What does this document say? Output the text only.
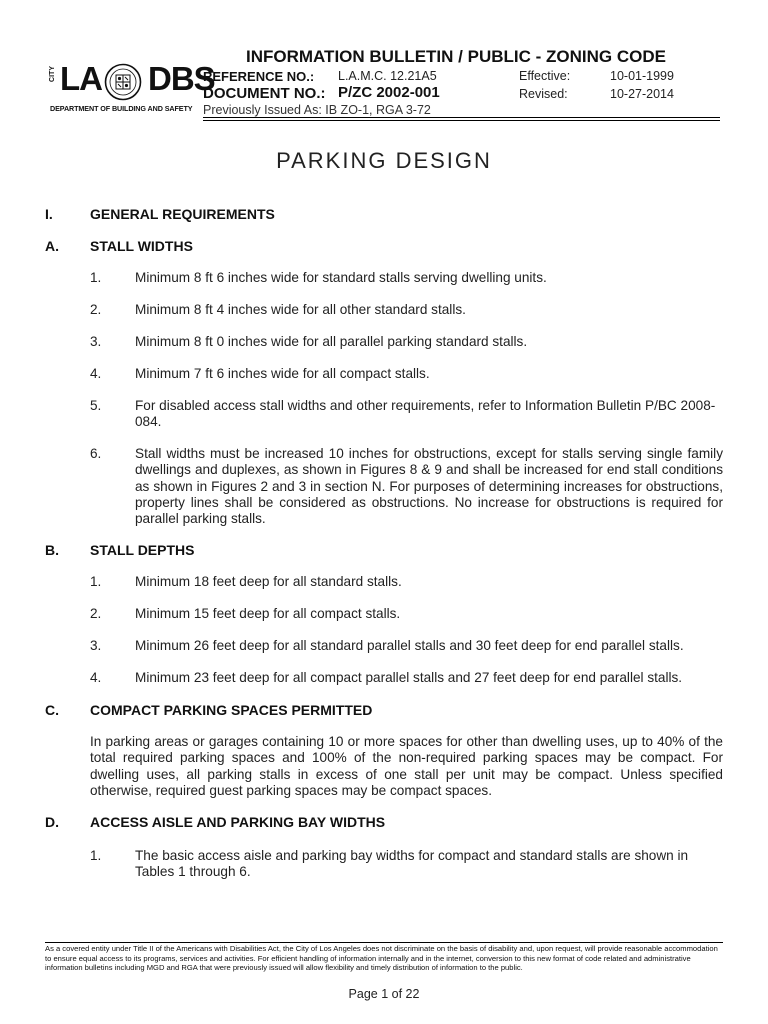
CITY LA DBS
DEPARTMENT OF BUILDING AND SAFETY
INFORMATION BULLETIN / PUBLIC - ZONING CODE
REFERENCE NO.: L.A.M.C. 12.21A5	Effective:	10-01-1999
DOCUMENT NO.: P/ZC 2002-001	Revised:	10-27-2014
Previously Issued As: IB ZO-1, RGA 3-72
PARKING DESIGN
I.	GENERAL REQUIREMENTS
A. STALL WIDTHS
1. Minimum 8 ft 6 inches wide for standard stalls serving dwelling units.
2. Minimum 8 ft 4 inches wide for all other standard stalls.
3. Minimum 8 ft 0 inches wide for all parallel parking standard stalls.
4. Minimum 7 ft 6 inches wide for all compact stalls.
5. For disabled access stall widths and other requirements, refer to Information Bulletin P/BC 2008-084.
6. Stall widths must be increased 10 inches for obstructions, except for stalls serving single family dwellings and duplexes, as shown in Figures 8 & 9 and shall be increased for end stall conditions as shown in Figures 2 and 3 in section N. For purposes of determining increases for obstructions, property lines shall be considered as obstructions. No increase for obstructions is required for parallel parking stalls.
B. STALL DEPTHS
1. Minimum 18 feet deep for all standard stalls.
2. Minimum 15 feet deep for all compact stalls.
3. Minimum 26 feet deep for all standard parallel stalls and 30 feet deep for end parallel stalls.
4. Minimum 23 feet deep for all compact parallel stalls and 27 feet deep for end parallel stalls.
C. COMPACT PARKING SPACES PERMITTED
In parking areas or garages containing 10 or more spaces for other than dwelling uses, up to 40% of the total required parking spaces and 100% of the non-required parking spaces may be compact. For dwelling uses, all parking stalls in excess of one stall per unit may be compact. Unless specified otherwise, required guest parking spaces may be compact spaces.
D. ACCESS AISLE AND PARKING BAY WIDTHS
1. The basic access aisle and parking bay widths for compact and standard stalls are shown in Tables 1 through 6.
As a covered entity under Title II of the Americans with Disabilities Act, the City of Los Angeles does not discriminate on the basis of disability and, upon request, will provide reasonable accommodation to ensure equal access to its programs, services and activities. For efficient handling of information internally and in the internet, conversion to this new format of code related and administrative information bulletins including MGD and RGA that were previously issued will allow flexibility and timely distribution of information to the public.
Page 1 of 22
